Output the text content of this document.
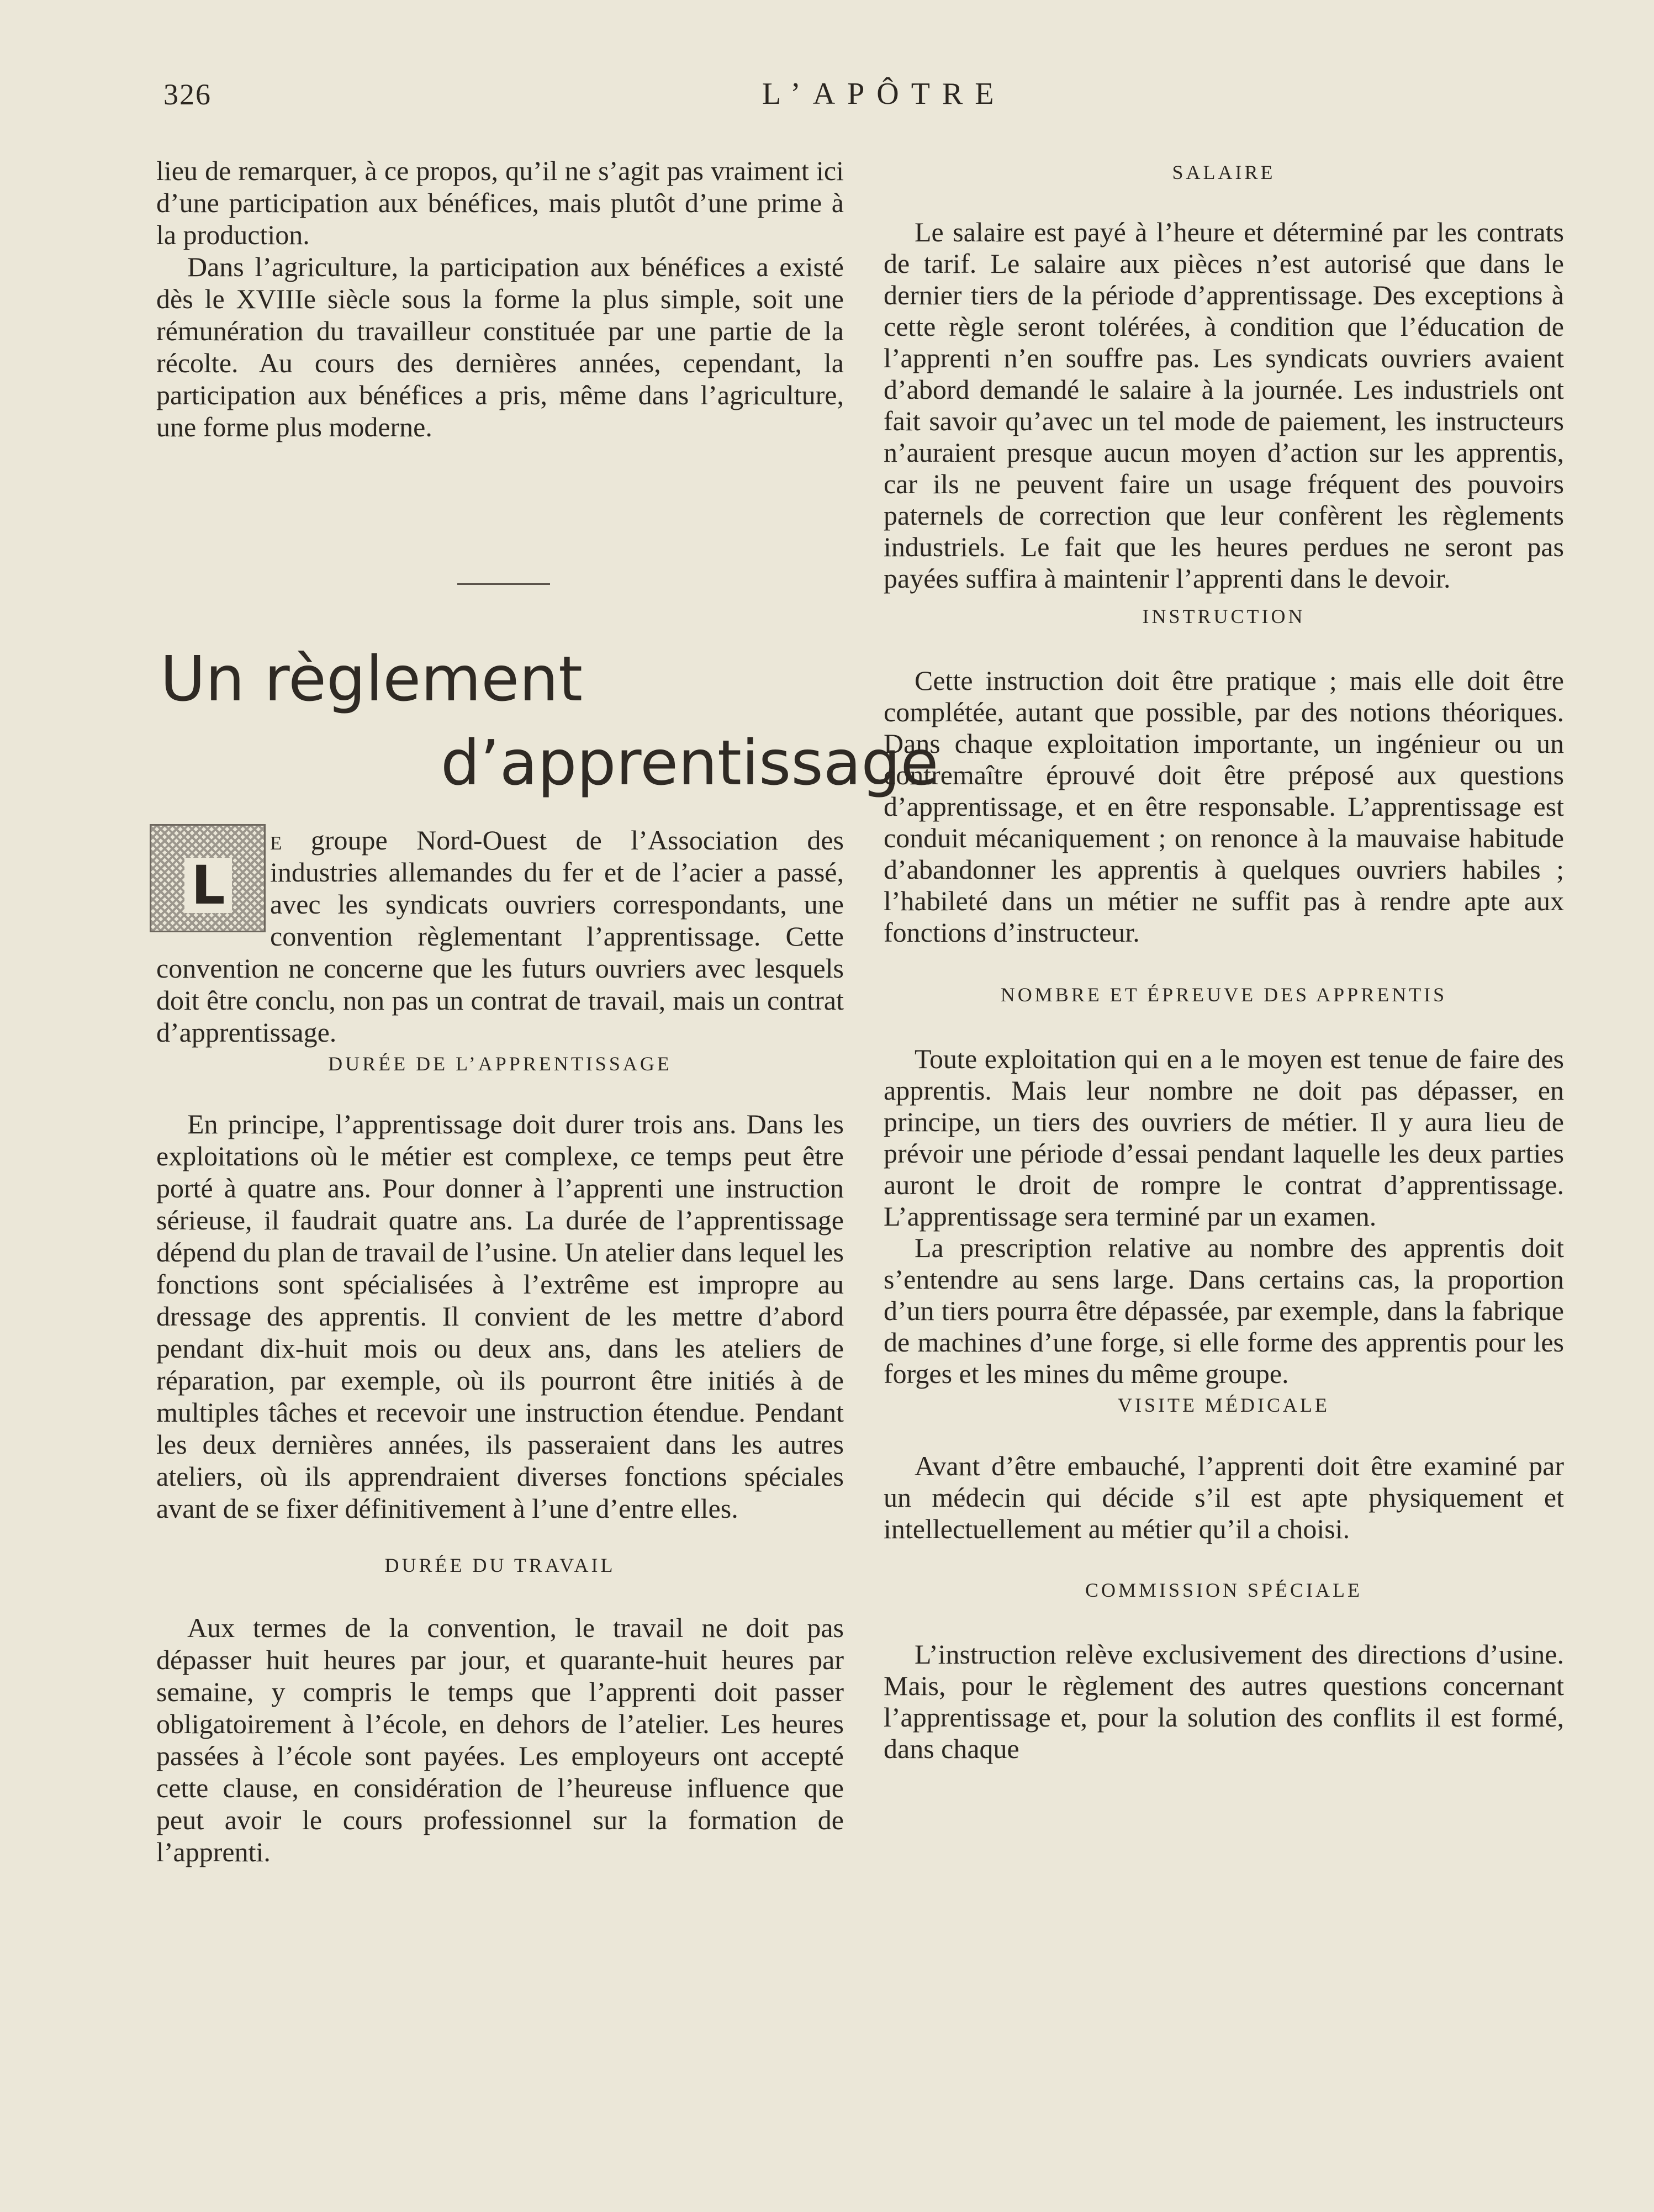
326	L’APÔTRE

lieu de remarquer, à ce propos, qu’il ne s’agit pas vraiment ici d’une participation aux bénéfices, mais plutôt d’une prime à la production.

Dans l’agriculture, la participation aux bénéfices a existé dès le XVIIIe siècle sous la forme la plus simple, soit une rémunération du travailleur constituée par une partie de la récolte. Au cours des dernières années, cependant, la participation aux bénéfices a pris, même dans l’agriculture, une forme plus moderne.

Un règlement
d’apprentissage
L
e groupe Nord-Ouest de l’Association des industries allemandes du fer et de l’acier a passé, avec les syndicats ouvriers correspondants, une convention règlementant l’apprentissage. Cette convention ne concerne que les futurs ouvriers avec lesquels doit être conclu, non pas un contrat de travail, mais un contrat d’apprentissage.

DURÉE DE L’APPRENTISSAGE

En principe, l’apprentissage doit durer trois ans. Dans les exploitations où le métier est complexe, ce temps peut être porté à quatre ans. Pour donner à l’apprenti une instruction sérieuse, il faudrait quatre ans. La durée de l’apprentissage dépend du plan de travail de l’usine. Un atelier dans lequel les fonctions sont spécialisées à l’extrême est impropre au dressage des apprentis. Il convient de les mettre d’abord pendant dix-huit mois ou deux ans, dans les ateliers de réparation, par exemple, où ils pourront être initiés à de multiples tâches et recevoir une instruction étendue. Pendant les deux dernières années, ils passeraient dans les autres ateliers, où ils apprendraient diverses fonctions spéciales avant de se fixer définitivement à l’une d’entre elles.

DURÉE DU TRAVAIL

Aux termes de la convention, le travail ne doit pas dépasser huit heures par jour, et quarante-huit heures par semaine, y compris le temps que l’apprenti doit passer obligatoirement à l’école, en dehors de l’atelier. Les heures passées à l’école sont payées. Les employeurs ont accepté cette clause, en considération de l’heureuse influence que peut avoir le cours professionnel sur la formation de l’apprenti.

SALAIRE

Le salaire est payé à l’heure et déterminé par les contrats de tarif. Le salaire aux pièces n’est autorisé que dans le dernier tiers de la période d’apprentissage. Des exceptions à cette règle seront tolérées, à condition que l’éducation de l’apprenti n’en souffre pas. Les syndicats ouvriers avaient d’abord demandé le salaire à la journée. Les industriels ont fait savoir qu’avec un tel mode de paiement, les instructeurs n’auraient presque aucun moyen d’action sur les apprentis, car ils ne peuvent faire un usage fréquent des pouvoirs paternels de correction que leur confèrent les règlements industriels. Le fait que les heures perdues ne seront pas payées suffira à maintenir l’apprenti dans le devoir.

INSTRUCTION

Cette instruction doit être pratique ; mais elle doit être complétée, autant que possible, par des notions théoriques. Dans chaque exploitation importante, un ingénieur ou un contremaître éprouvé doit être préposé aux questions d’apprentissage, et en être responsable. L’apprentissage est conduit mécaniquement ; on renonce à la mauvaise habitude d’abandonner les apprentis à quelques ouvriers habiles ; l’habileté dans un métier ne suffit pas à rendre apte aux fonctions d’instructeur.

NOMBRE ET ÉPREUVE DES APPRENTIS

Toute exploitation qui en a le moyen est tenue de faire des apprentis. Mais leur nombre ne doit pas dépasser, en principe, un tiers des ouvriers de métier. Il y aura lieu de prévoir une période d’essai pendant laquelle les deux parties auront le droit de rompre le contrat d’apprentissage. L’apprentissage sera terminé par un examen.

La prescription relative au nombre des apprentis doit s’entendre au sens large. Dans certains cas, la proportion d’un tiers pourra être dépassée, par exemple, dans la fabrique de machines d’une forge, si elle forme des apprentis pour les forges et les mines du même groupe.

VISITE MÉDICALE

Avant d’être embauché, l’apprenti doit être examiné par un médecin qui décide s’il est apte physiquement et intellectuellement au métier qu’il a choisi.

COMMISSION SPÉCIALE

L’instruction relève exclusivement des directions d’usine. Mais, pour le règlement des autres questions concernant l’apprentissage et, pour la solution des conflits il est formé, dans chaque
